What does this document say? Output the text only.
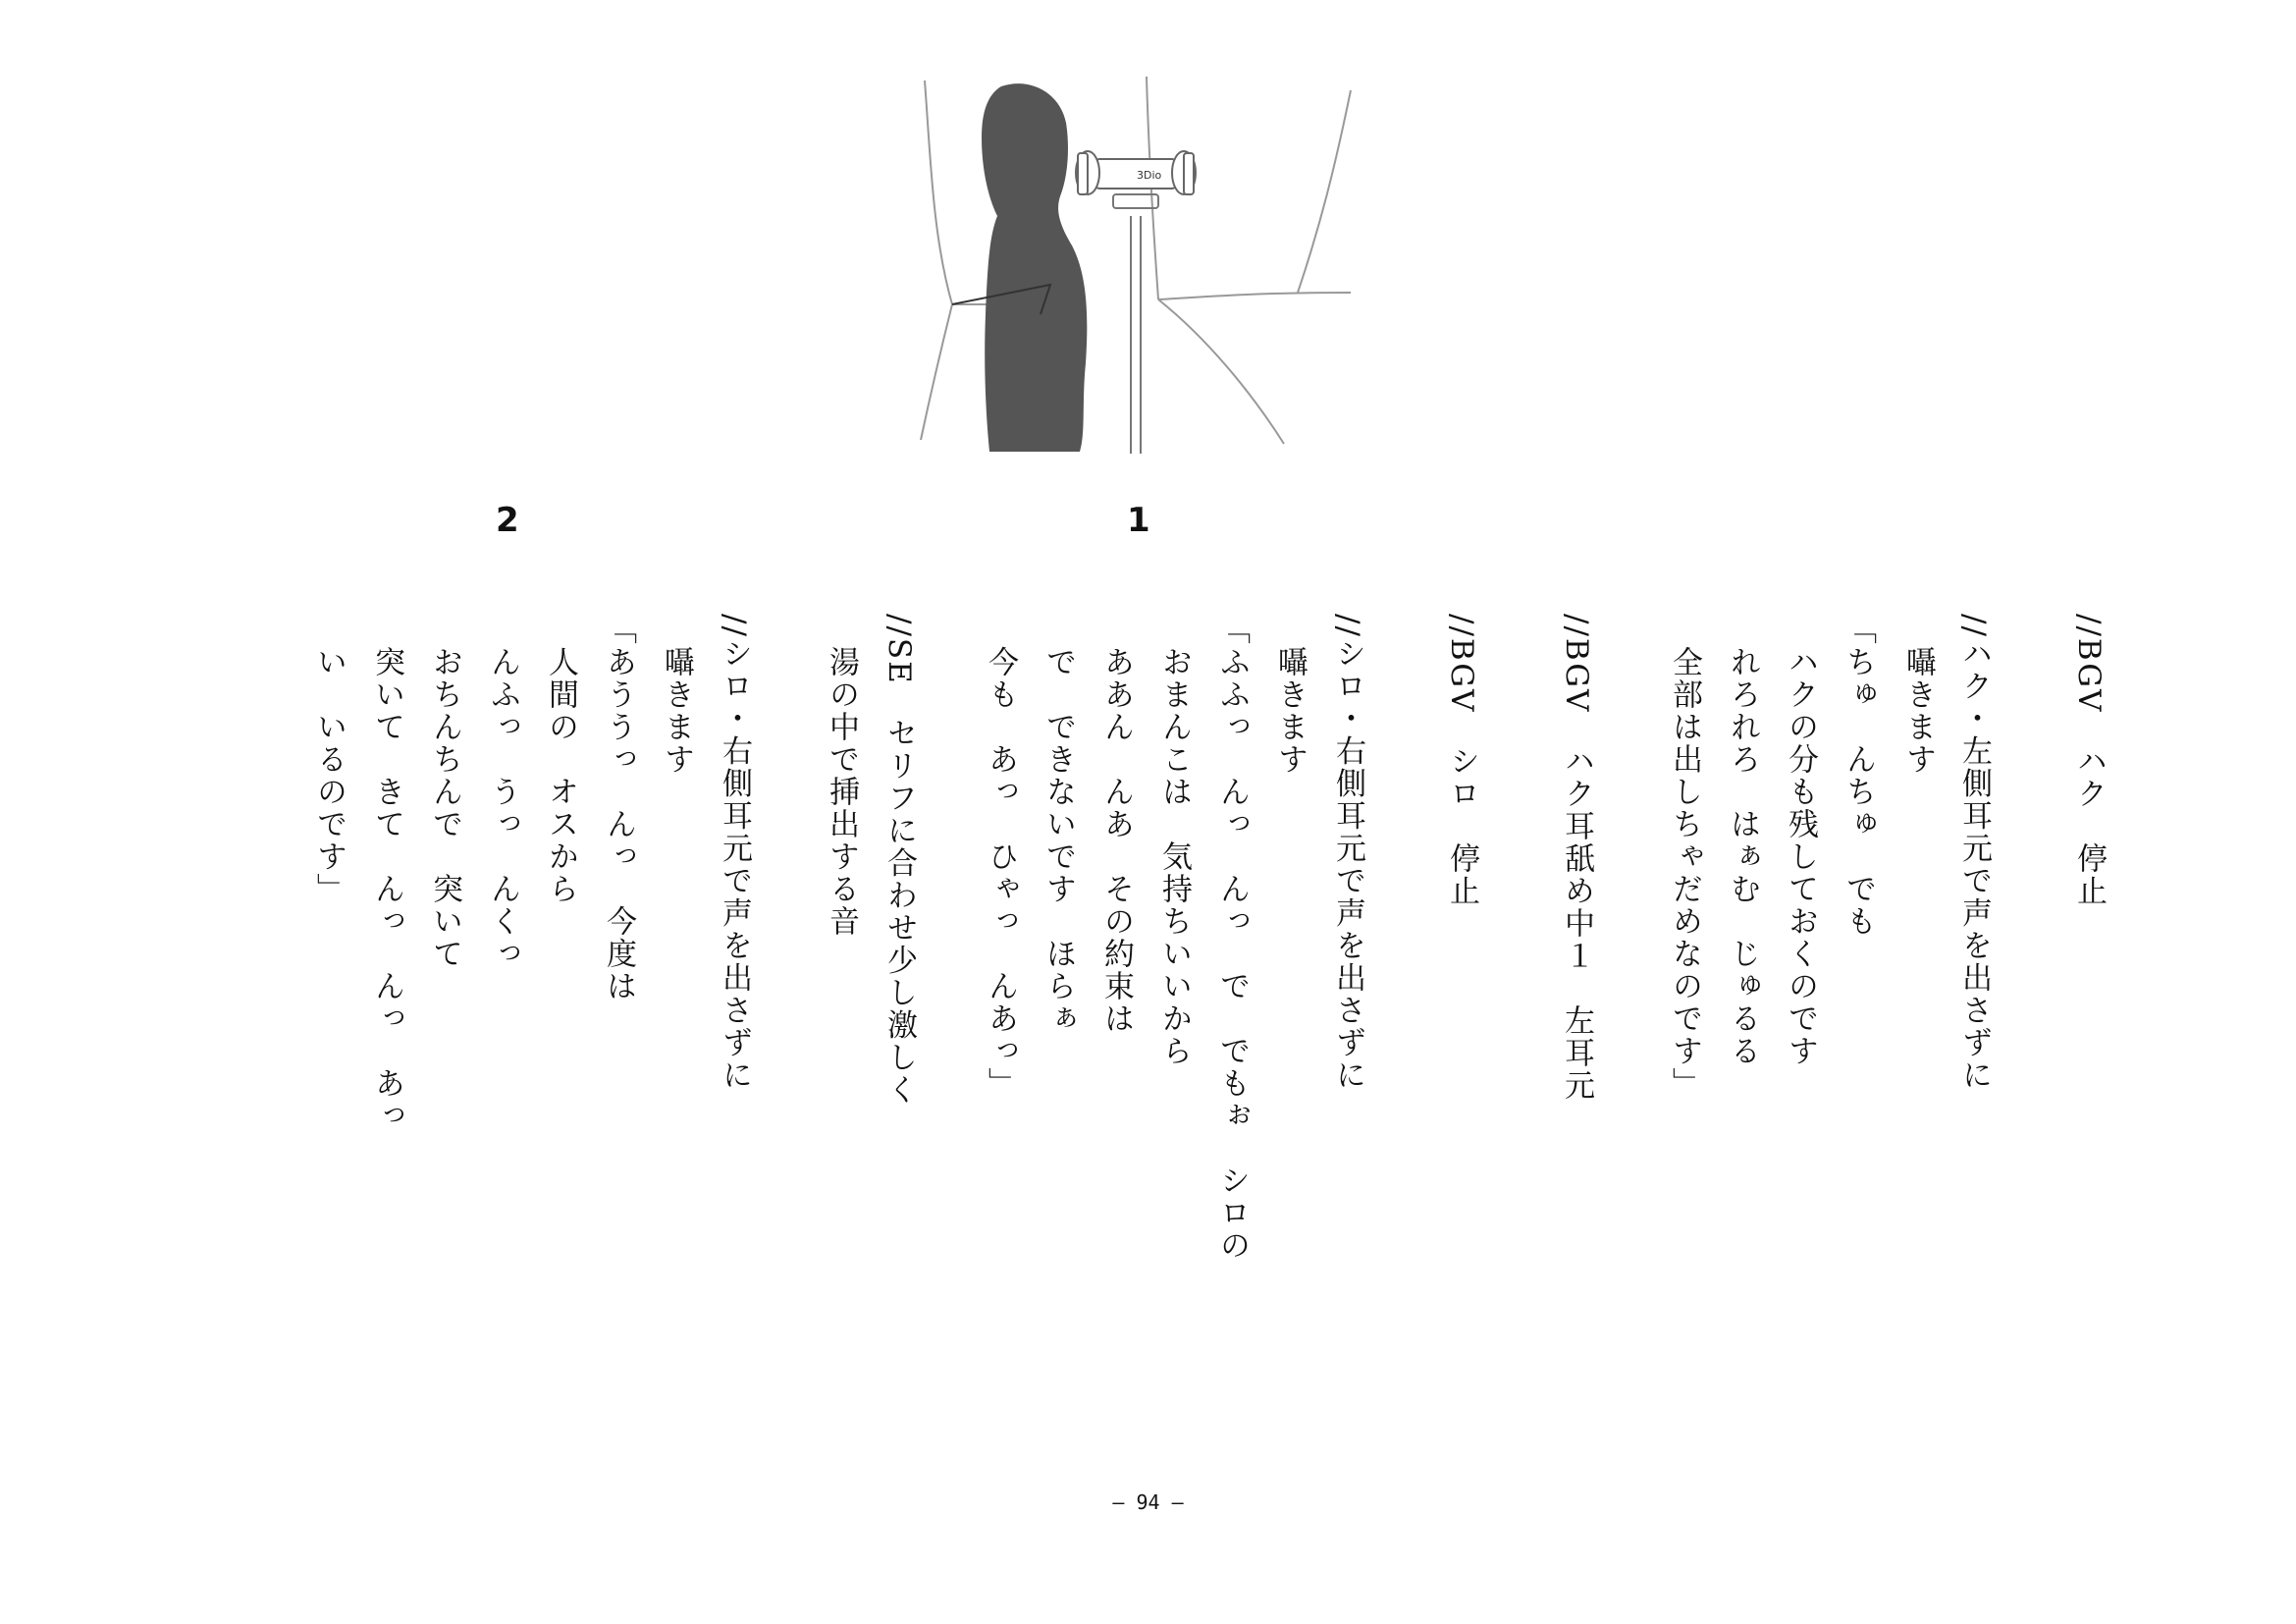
3Dio
1
2
//BGV　ハク　停止
//ハク・左側耳元で声を出さずに
　囁きます
「ちゅ　んちゅ　でも
　ハクの分も残しておくのです
　れろれろ　はぁむ　じゅるる
　全部は出しちゃだめなのです」
//BGV　ハク耳舐め中１　左耳元
//BGV　シロ　停止
//シロ・右側耳元で声を出さずに
　囁きます
「ふふっ　んっ　んっ　で　でもぉ　シロの
　おまんこは　気持ちいいから
　ああん　んあ　その約束は
　で　できないです　ほらぁ
　今も　あっ　ひゃっ　んあっ」
//SE　セリフに合わせ少し激しく
　湯の中で挿出する音
//シロ・右側耳元で声を出さずに
　囁きます
「あううっ　んっ　今度は
　人間の　オスから
　んふっ　うっ　んくっ
　おちんちんで　突いて
　突いて　きて　んっ　んっ　あっ
　い　いるのです」
― 94 ―
